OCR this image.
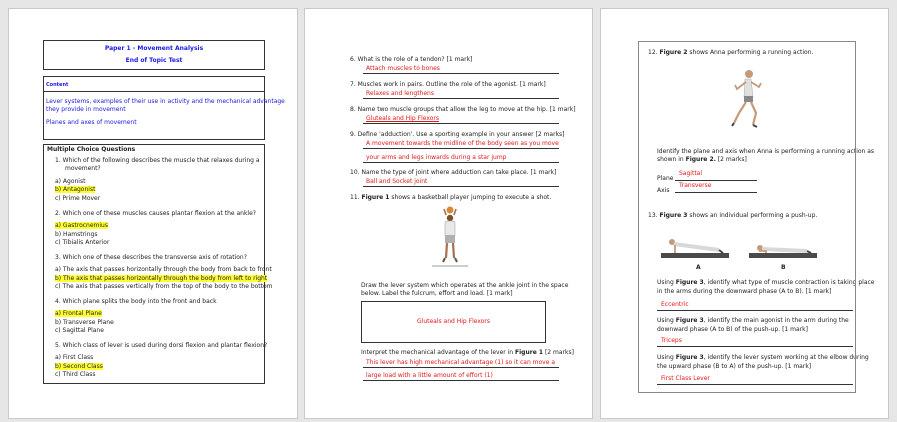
Paper 1 - Movement Analysis
End of Topic Test
Content
Lever systems, examples of their use in activity and the mechanical advantage
they provide in movement
Planes and axes of movement
Multiple Choice Questions
1. Which of the following describes the muscle that relaxes during a
movement?
a) Agonist
b) Antagonist
c) Prime Mover
2. Which one of these muscles causes plantar flexion at the ankle?
a) Gastrocnemius
b) Hamstrings
c) Tibialis Anterior
3. Which one of these describes the transverse axis of rotation?
a) The axis that passes horizontally through the body from back to front
b) The axis that passes horizontally through the body from left to right
c) The axis that passes vertically from the top of the body to the bottom
4. Which plane splits the body into the front and back
a) Frontal Plane
b) Transverse Plane
c) Sagittal Plane
5. Which class of lever is used during dorsi flexion and plantar flexion?
a) First Class
b) Second Class
c) Third Class
6. What is the role of a tendon? [1 mark]
Attach muscles to bones
7. Muscles work in pairs. Outline the role of the agonist. [1 mark]
Relaxes and lengthens
8. Name two muscle groups that allow the leg to move at the hip. [1 mark]
Gluteals and Hip Flexors
9. Define 'adduction'. Use a sporting example in your answer [2 marks]
A movement towards the midline of the body seen as you move
your arms and legs inwards during a star jump
10. Name the type of joint where adduction can take place. [1 mark]
Ball and Socket joint
11. Figure 1 shows a basketball player jumping to execute a shot.
Draw the lever system which operates at the ankle joint in the space
below. Label the fulcrum, effort and load. [1 mark]
Gluteals and Hip Flexors
Interpret the mechanical advantage of the lever in Figure 1 [2 marks]
This lever has high mechanical advantage (1) so it can move a
large load with a little amount of effort (1)
12. Figure 2 shows Anna performing a running action.
Identify the plane and axis when Anna is performing a running action as
shown in Figure 2. [2 marks]
Plane
Sagittal
Axis
Transverse
13. Figure 3 shows an individual performing a push-up.
A	B
Using Figure 3, identify what type of muscle contraction is taking place
in the arms during the downward phase (A to B). [1 mark]
Eccentric
Using Figure 3, identify the main agonist in the arm during the
downward phase (A to B) of the push-up. [1 mark]
Triceps
Using Figure 3, identify the lever system working at the elbow during
the upward phase (B to A) of the push-up. [1 mark]
First Class Lever
